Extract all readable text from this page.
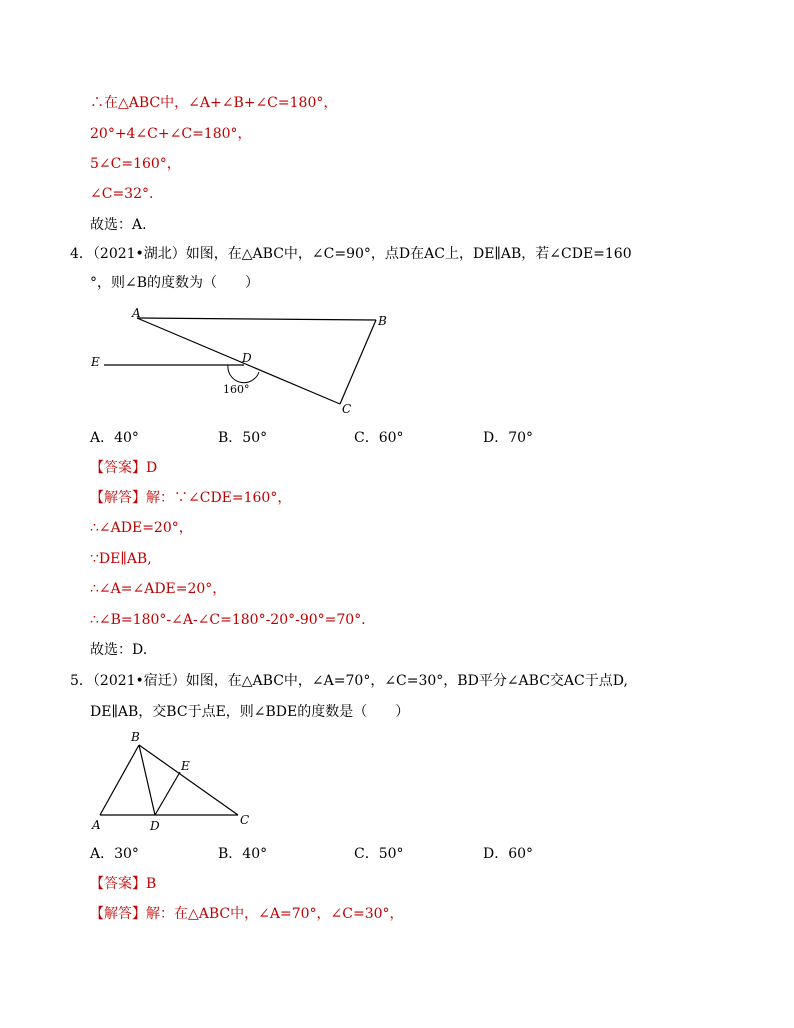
∴在△ABC中，∠A+∠B+∠C=180°，
20°+4∠C+∠C=180°，
5∠C=160°，
∠C=32°．
故选：A.
4．（2021•湖北）如图，在△ABC中，∠C=90°，点D在AC上，DE∥AB，若∠CDE=160
°，则∠B的度数为（　　）
A
B
C
D
E
160°
A．40°	B．50°	C．60°	D．70°
【答案】D
【解答】解：∵∠CDE=160°，
∴∠ADE=20°，
∵DE∥AB,
∴∠A=∠ADE=20°，
∴∠B=180°-∠A-∠C=180°-20°-90°=70°．
故选：D.
5．（2021•宿迁）如图，在△ABC中，∠A=70°，∠C=30°，BD平分∠ABC交AC于点D,
DE∥AB，交BC于点E，则∠BDE的度数是（　　）
B
E
A	D	C
A．30°	B．40°	C．50°	D．60°
【答案】B
【解答】解：在△ABC中，∠A=70°，∠C=30°，
